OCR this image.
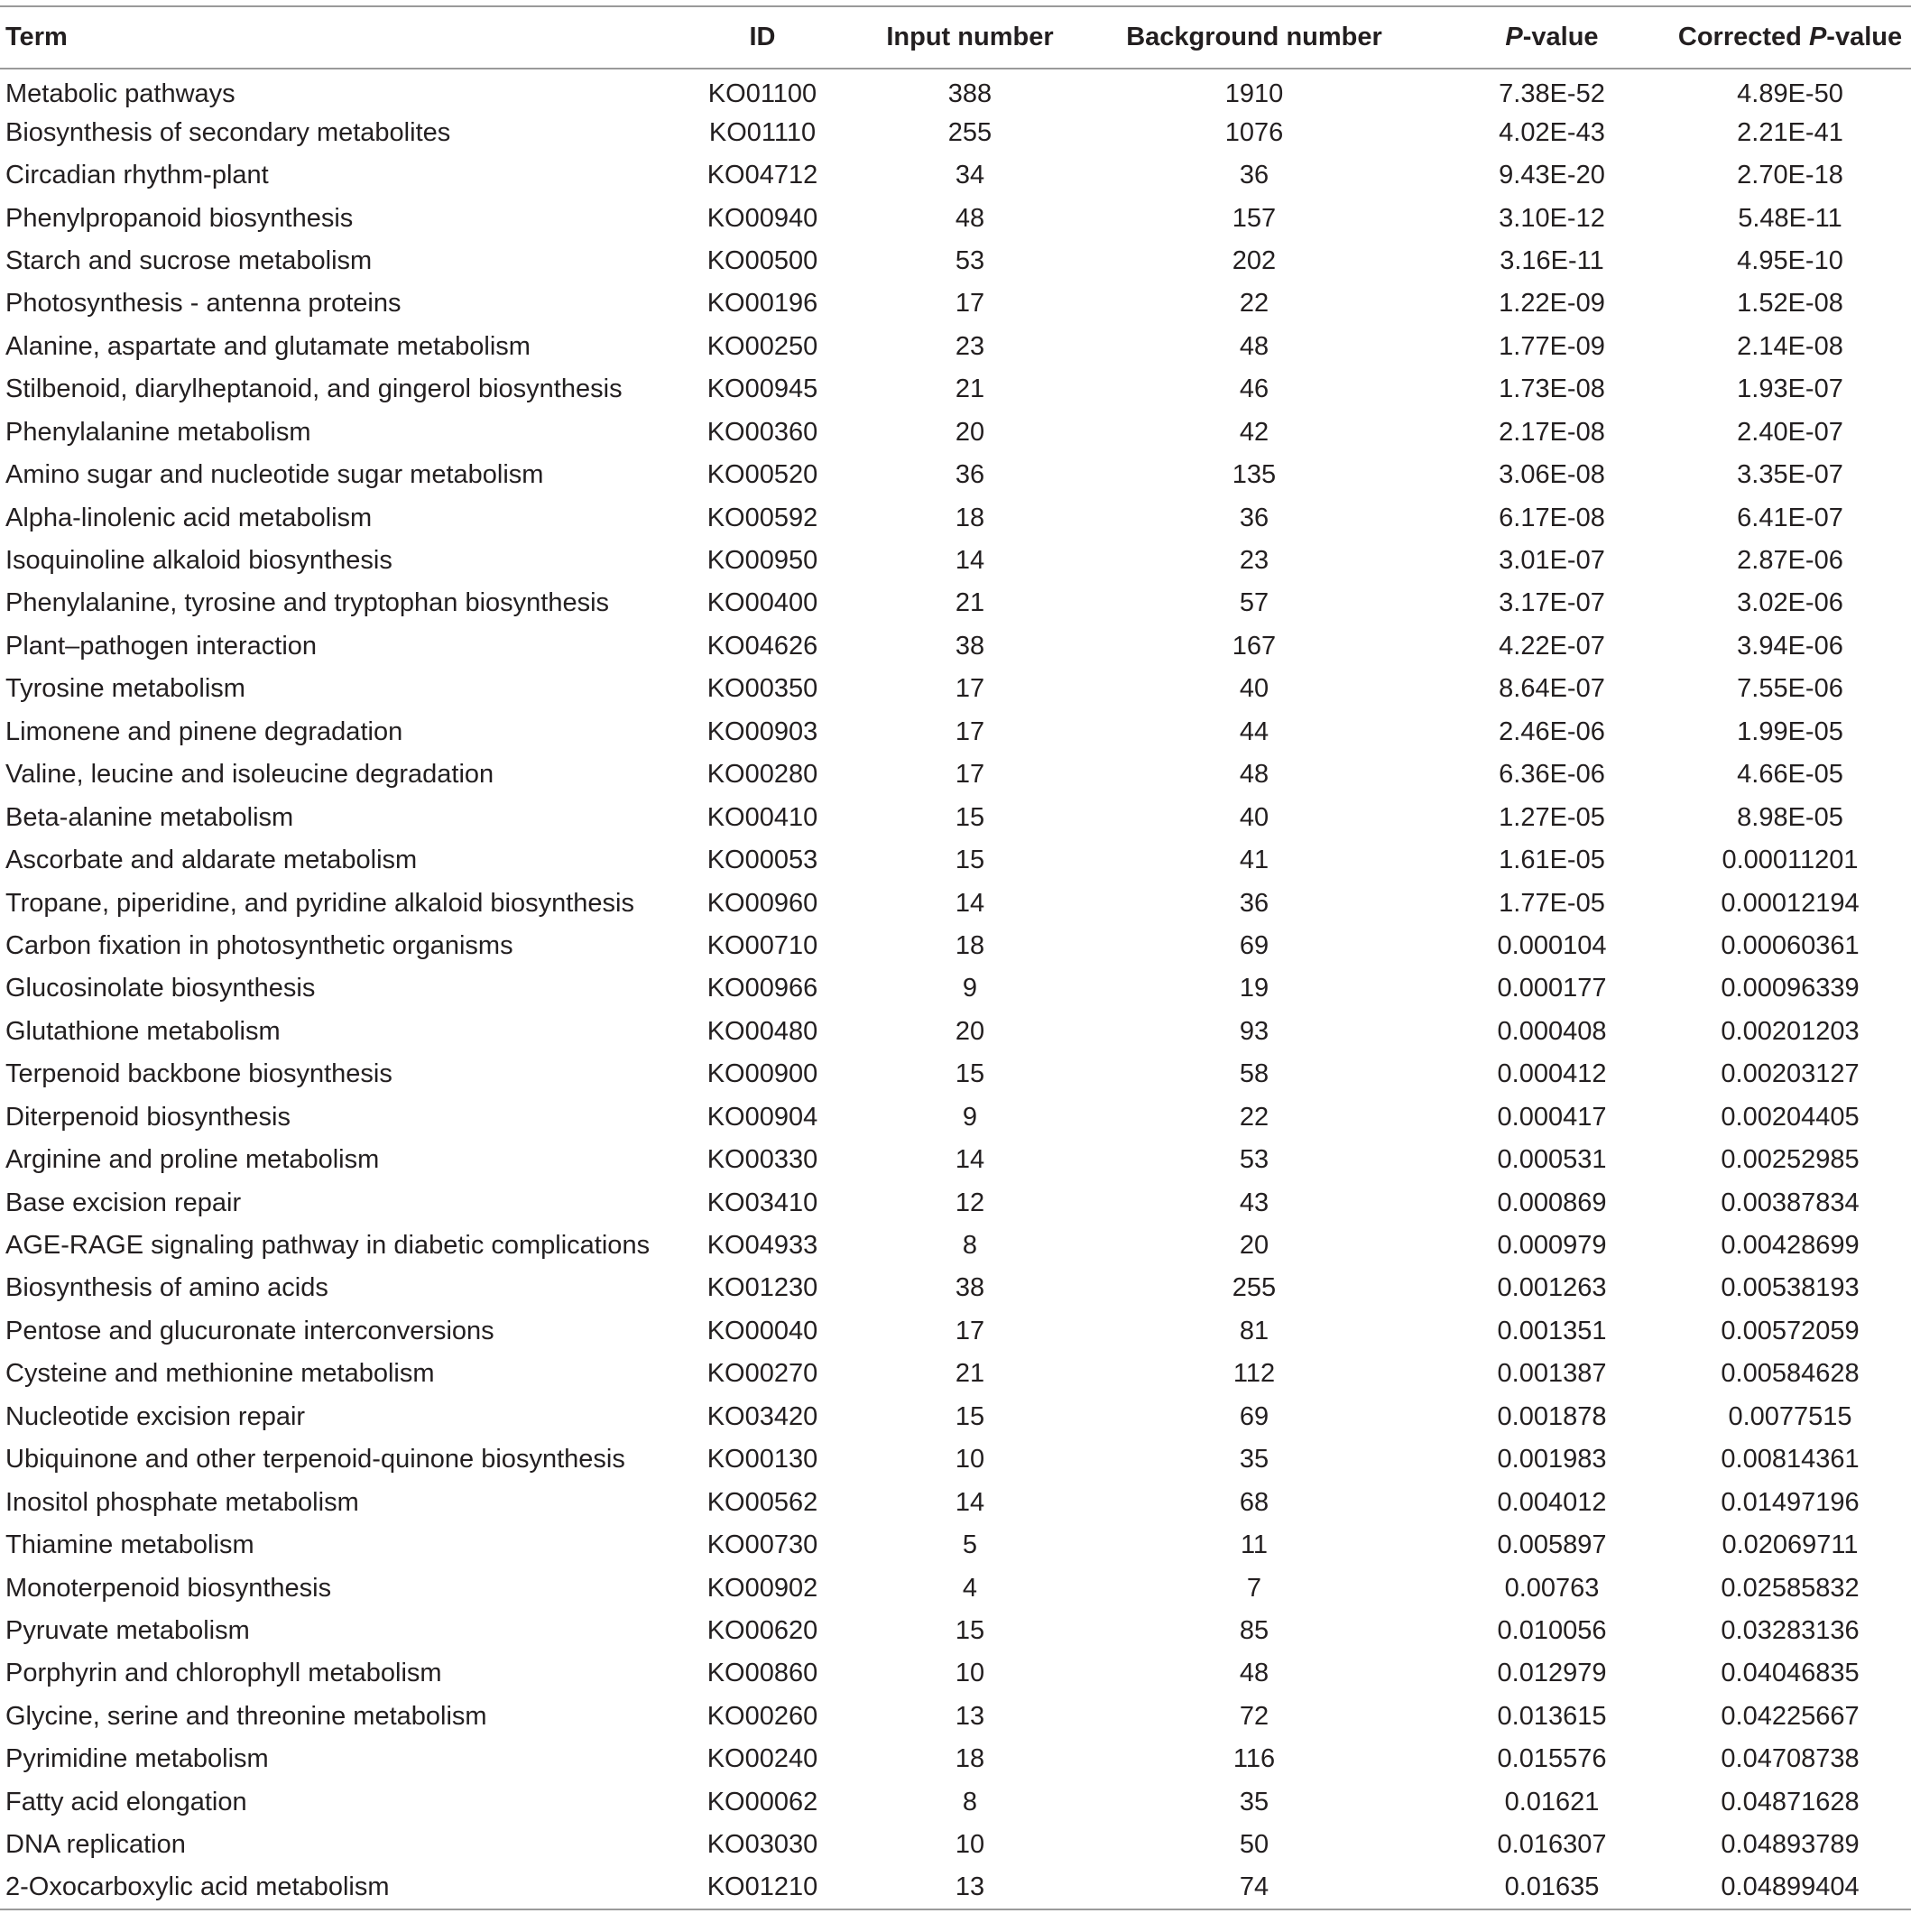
Term	ID	Input number	Background number	P-value	Corrected P-value
Metabolic pathways	KO01100	388	1910	7.38E-52	4.89E-50
Biosynthesis of secondary metabolites	KO01110	255	1076	4.02E-43	2.21E-41
Circadian rhythm-plant	KO04712	34	36	9.43E-20	2.70E-18
Phenylpropanoid biosynthesis	KO00940	48	157	3.10E-12	5.48E-11
Starch and sucrose metabolism	KO00500	53	202	3.16E-11	4.95E-10
Photosynthesis - antenna proteins	KO00196	17	22	1.22E-09	1.52E-08
Alanine, aspartate and glutamate metabolism	KO00250	23	48	1.77E-09	2.14E-08
Stilbenoid, diarylheptanoid, and gingerol biosynthesis	KO00945	21	46	1.73E-08	1.93E-07
Phenylalanine metabolism	KO00360	20	42	2.17E-08	2.40E-07
Amino sugar and nucleotide sugar metabolism	KO00520	36	135	3.06E-08	3.35E-07
Alpha-linolenic acid metabolism	KO00592	18	36	6.17E-08	6.41E-07
Isoquinoline alkaloid biosynthesis	KO00950	14	23	3.01E-07	2.87E-06
Phenylalanine, tyrosine and tryptophan biosynthesis	KO00400	21	57	3.17E-07	3.02E-06
Plant–pathogen interaction	KO04626	38	167	4.22E-07	3.94E-06
Tyrosine metabolism	KO00350	17	40	8.64E-07	7.55E-06
Limonene and pinene degradation	KO00903	17	44	2.46E-06	1.99E-05
Valine, leucine and isoleucine degradation	KO00280	17	48	6.36E-06	4.66E-05
Beta-alanine metabolism	KO00410	15	40	1.27E-05	8.98E-05
Ascorbate and aldarate metabolism	KO00053	15	41	1.61E-05	0.00011201
Tropane, piperidine, and pyridine alkaloid biosynthesis	KO00960	14	36	1.77E-05	0.00012194
Carbon fixation in photosynthetic organisms	KO00710	18	69	0.000104	0.00060361
Glucosinolate biosynthesis	KO00966	9	19	0.000177	0.00096339
Glutathione metabolism	KO00480	20	93	0.000408	0.00201203
Terpenoid backbone biosynthesis	KO00900	15	58	0.000412	0.00203127
Diterpenoid biosynthesis	KO00904	9	22	0.000417	0.00204405
Arginine and proline metabolism	KO00330	14	53	0.000531	0.00252985
Base excision repair	KO03410	12	43	0.000869	0.00387834
AGE-RAGE signaling pathway in diabetic complications	KO04933	8	20	0.000979	0.00428699
Biosynthesis of amino acids	KO01230	38	255	0.001263	0.00538193
Pentose and glucuronate interconversions	KO00040	17	81	0.001351	0.00572059
Cysteine and methionine metabolism	KO00270	21	112	0.001387	0.00584628
Nucleotide excision repair	KO03420	15	69	0.001878	0.0077515
Ubiquinone and other terpenoid-quinone biosynthesis	KO00130	10	35	0.001983	0.00814361
Inositol phosphate metabolism	KO00562	14	68	0.004012	0.01497196
Thiamine metabolism	KO00730	5	11	0.005897	0.02069711
Monoterpenoid biosynthesis	KO00902	4	7	0.00763	0.02585832
Pyruvate metabolism	KO00620	15	85	0.010056	0.03283136
Porphyrin and chlorophyll metabolism	KO00860	10	48	0.012979	0.04046835
Glycine, serine and threonine metabolism	KO00260	13	72	0.013615	0.04225667
Pyrimidine metabolism	KO00240	18	116	0.015576	0.04708738
Fatty acid elongation	KO00062	8	35	0.01621	0.04871628
DNA replication	KO03030	10	50	0.016307	0.04893789
2-Oxocarboxylic acid metabolism	KO01210	13	74	0.01635	0.04899404
